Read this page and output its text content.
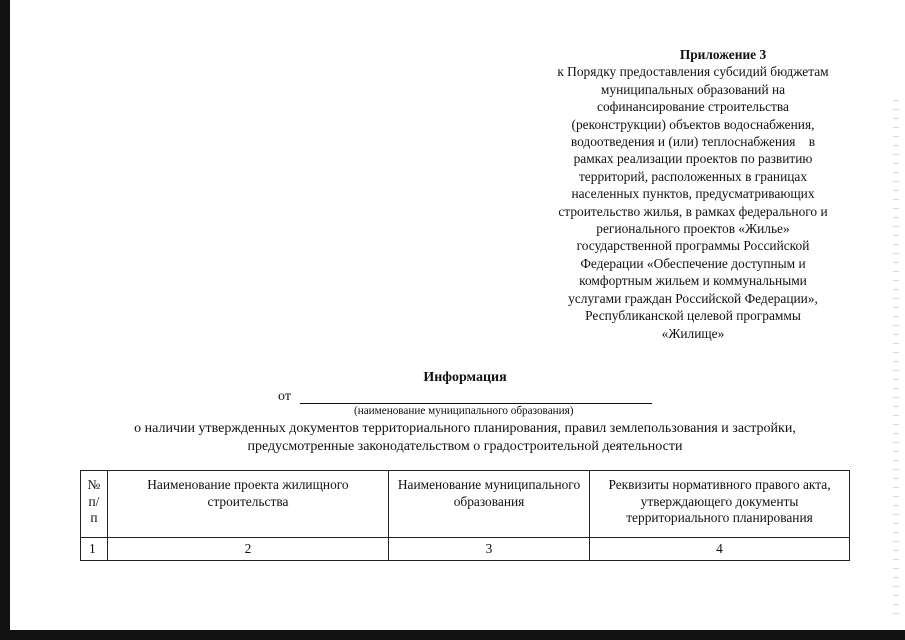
Приложение 3
к Порядку предоставления субсидий бюджетам
муниципальных образований на
софинансирование строительства
(реконструкции) объектов водоснабжения,
водоотведения и (или) теплоснабжения    в
рамках реализации проектов по развитию
территорий, расположенных в границах
населенных пунктов, предусматривающих
строительство жилья, в рамках федерального и
регионального проектов «Жилье»
государственной программы Российской
Федерации «Обеспечение доступным и
комфортным жильем и коммунальными
услугами граждан Российской Федерации»,
Республиканской целевой программы
«Жилище»
Информация
от
(наименование муниципального образования)
о наличии утвержденных документов территориального планирования, правил землепользования и застройки,
предусмотренные законодательством о градостроительной деятельности
№ п/п	Наименование проекта жилищного строительства	Наименование муниципального образования	Реквизиты нормативного правого акта, утверждающего документы территориального планирования
1	2	3	4
